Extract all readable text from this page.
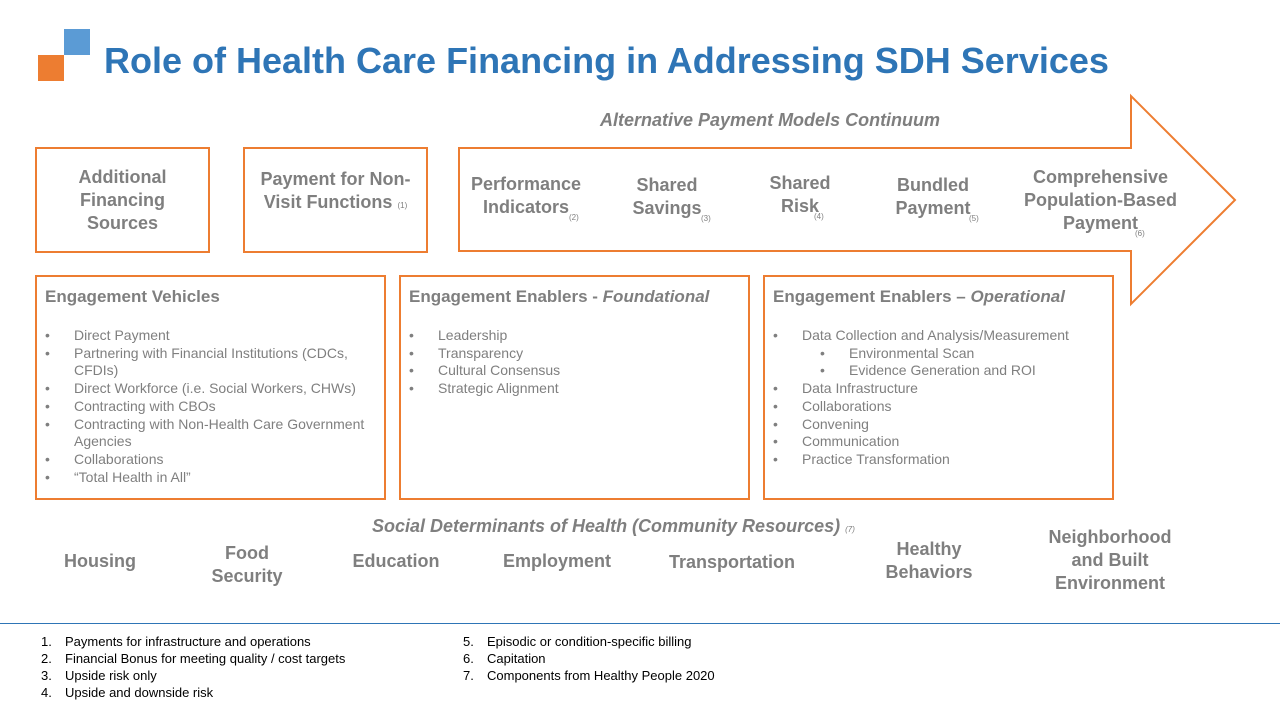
Role of Health Care Financing in Addressing SDH Services
Alternative Payment Models Continuum
Additional Financing Sources
Payment for Non-Visit Functions (1)
Performance Indicators
(2)
Shared Savings
(3)
Shared Risk
(4)
Bundled Payment
(5)
Comprehensive Population-Based Payment
(6)
Engagement Vehicles
• Direct Payment
• Partnering with Financial Institutions (CDCs, CFDIs)
• Direct Workforce (i.e. Social Workers, CHWs)
• Contracting with CBOs
• Contracting with Non-Health Care Government Agencies
• Collaborations
• “Total Health in All”
Engagement Enablers - Foundational
• Leadership
• Transparency
• Cultural Consensus
• Strategic Alignment
Engagement Enablers – Operational
• Data Collection and Analysis/Measurement
• Environmental Scan
• Evidence Generation and ROI
• Data Infrastructure
• Collaborations
• Convening
• Communication
• Practice Transformation
Social Determinants of Health (Community Resources) (7)
Housing	Food Security
Education	Employment	Transportation
Healthy Behaviors
Neighborhood and Built Environment
1. Payments for infrastructure and operations
2. Financial Bonus for meeting quality / cost targets
3. Upside risk only
4. Upside and downside risk
5. Episodic or condition-specific billing
6. Capitation
7. Components from Healthy People 2020
